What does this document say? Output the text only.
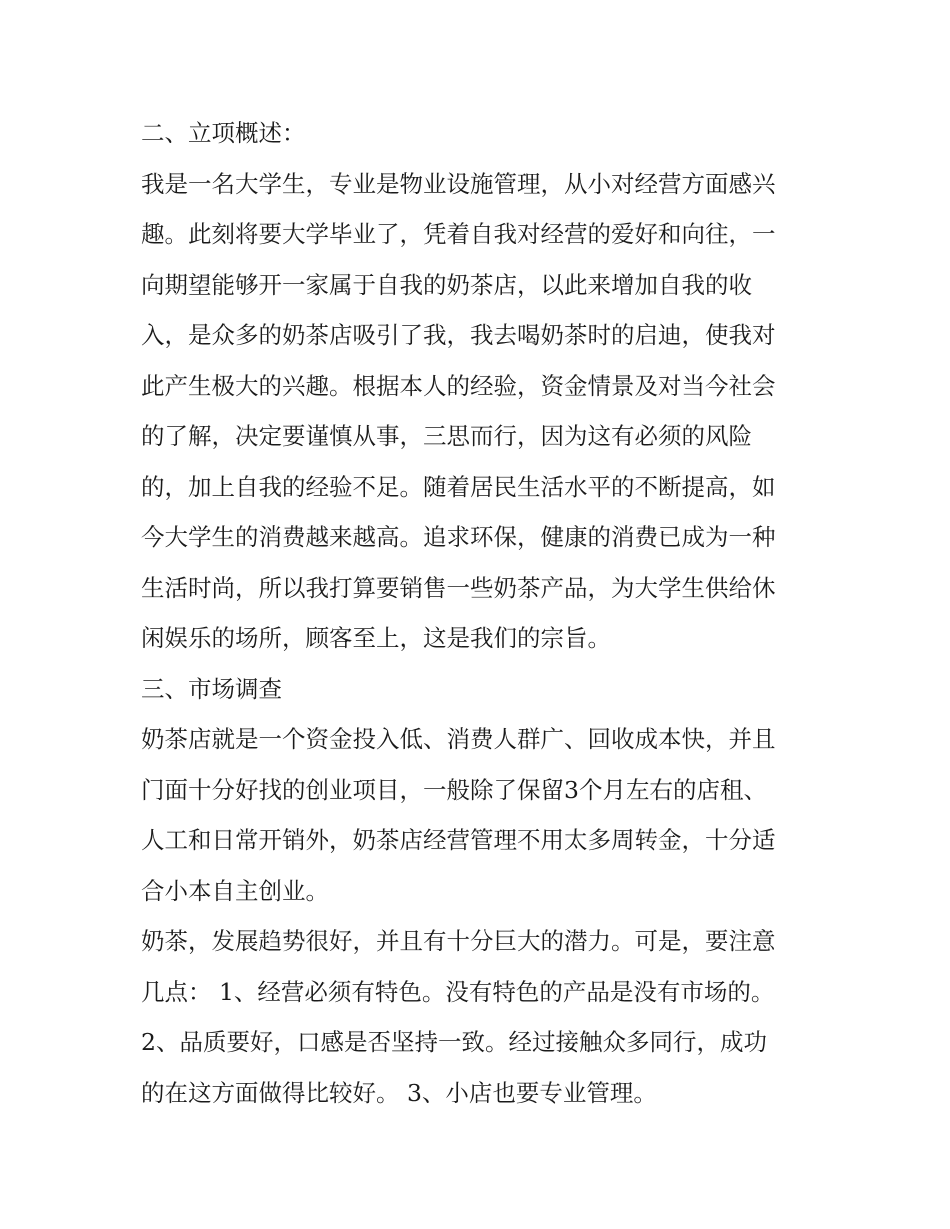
二、立项概述：
我是一名大学生，专业是物业设施管理，从小对经营方面感兴
趣。此刻将要大学毕业了，凭着自我对经营的爱好和向往，一
向期望能够开一家属于自我的奶茶店，以此来增加自我的收
入，是众多的奶茶店吸引了我，我去喝奶茶时的启迪，使我对
此产生极大的兴趣。根据本人的经验，资金情景及对当今社会
的了解，决定要谨慎从事，三思而行，因为这有必须的风险
的，加上自我的经验不足。随着居民生活水平的不断提高，如
今大学生的消费越来越高。追求环保，健康的消费已成为一种
生活时尚，所以我打算要销售一些奶茶产品，为大学生供给休
闲娱乐的场所，顾客至上，这是我们的宗旨。
三、市场调查
奶茶店就是一个资金投入低、消费人群广、回收成本快，并且
门面十分好找的创业项目，一般除了保留3个月左右的店租、
人工和日常开销外，奶茶店经营管理不用太多周转金，十分适
合小本自主创业。
奶茶，发展趋势很好，并且有十分巨大的潜力。可是，要注意
几点： 1、经营必须有特色。没有特色的产品是没有市场的。
2、品质要好，口感是否坚持一致。经过接触众多同行，成功
的在这方面做得比较好。 3、小店也要专业管理。
